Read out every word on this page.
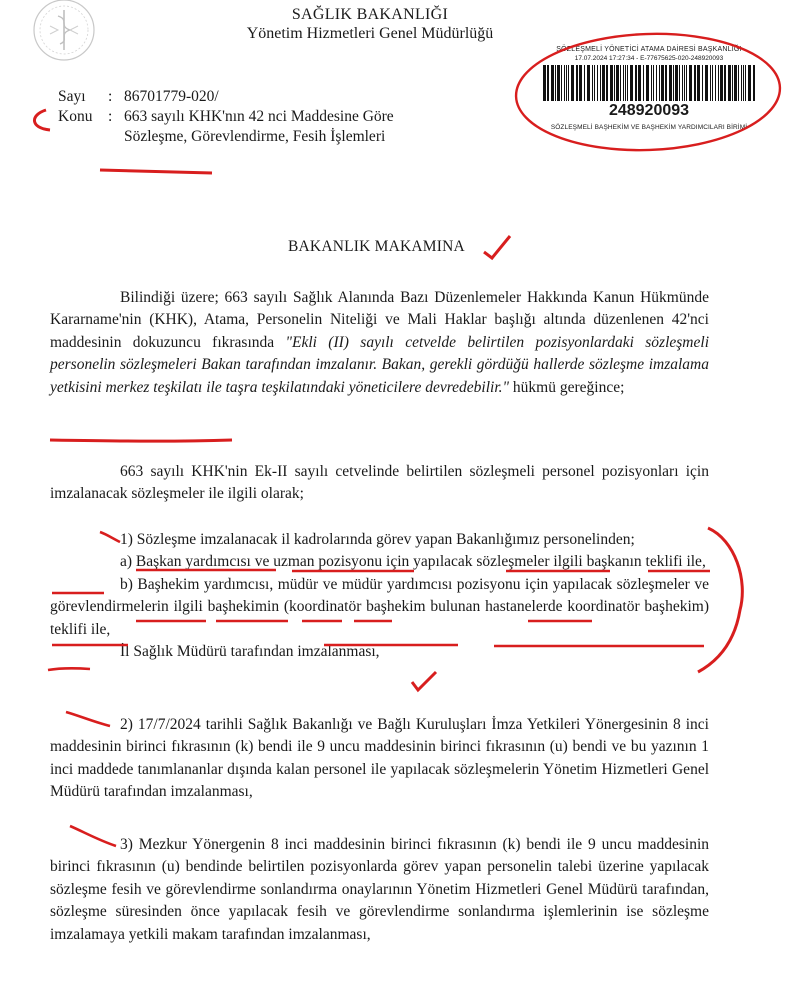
SAĞLIK BAKANLIĞI
Yönetim Hizmetleri Genel Müdürlüğü
SÖZLEŞMELİ YÖNETİCİ ATAMA DAİRESİ BAŞKANLIĞI
17.07.2024 17:27:34 - E-77675625-020-248920093
248920093
SÖZLEŞMELİ BAŞHEKİM VE BAŞHEKİM YARDIMCILARI BİRİMİ
Sayı	: 86701779-020/
Konu	: 663 sayılı KHK'nın 42 nci Maddesine Göre Sözleşme, Görevlendirme, Fesih İşlemleri
BAKANLIK MAKAMINA

Bilindiği üzere; 663 sayılı Sağlık Alanında Bazı Düzenlemeler Hakkında Kanun Hükmünde Kararname'nin (KHK), Atama, Personelin Niteliği ve Mali Haklar başlığı altında düzenlenen 42'nci maddesinin dokuzuncu fıkrasında "Ekli (II) sayılı cetvelde belirtilen pozisyonlardaki sözleşmeli personelin sözleşmeleri Bakan tarafından imzalanır. Bakan, gerekli gördüğü hallerde sözleşme imzalama yetkisini merkez teşkilatı ile taşra teşkilatındaki yöneticilere devredebilir." hükmü gereğince;

663 sayılı KHK'nin Ek-II sayılı cetvelinde belirtilen sözleşmeli personel pozisyonları için imzalanacak sözleşmeler ile ilgili olarak;

1) Sözleşme imzalanacak il kadrolarında görev yapan Bakanlığımız personelinden;

a) Başkan yardımcısı ve uzman pozisyonu için yapılacak sözleşmeler ilgili başkanın teklifi ile,

b) Başhekim yardımcısı, müdür ve müdür yardımcısı pozisyonu için yapılacak sözleşmeler ve görevlendirmelerin ilgili başhekimin (koordinatör başhekim bulunan hastanelerde koordinatör başhekim) teklifi ile,

İl Sağlık Müdürü tarafından imzalanması,

2) 17/7/2024 tarihli Sağlık Bakanlığı ve Bağlı Kuruluşları İmza Yetkileri Yönergesinin 8 inci maddesinin birinci fıkrasının (k) bendi ile 9 uncu maddesinin birinci fıkrasının (u) bendi ve bu yazının 1 inci maddede tanımlananlar dışında kalan personel ile yapılacak sözleşmelerin Yönetim Hizmetleri Genel Müdürü tarafından imzalanması,

3) Mezkur Yönergenin 8 inci maddesinin birinci fıkrasının (k) bendi ile 9 uncu maddesinin birinci fıkrasının (u) bendinde belirtilen pozisyonlarda görev yapan personelin talebi üzerine yapılacak sözleşme fesih ve görevlendirme sonlandırma onaylarının Yönetim Hizmetleri Genel Müdürü tarafından, sözleşme süresinden önce yapılacak fesih ve görevlendirme sonlandırma işlemlerinin ise sözleşme imzalamaya yetkili makam tarafından imzalanması,
